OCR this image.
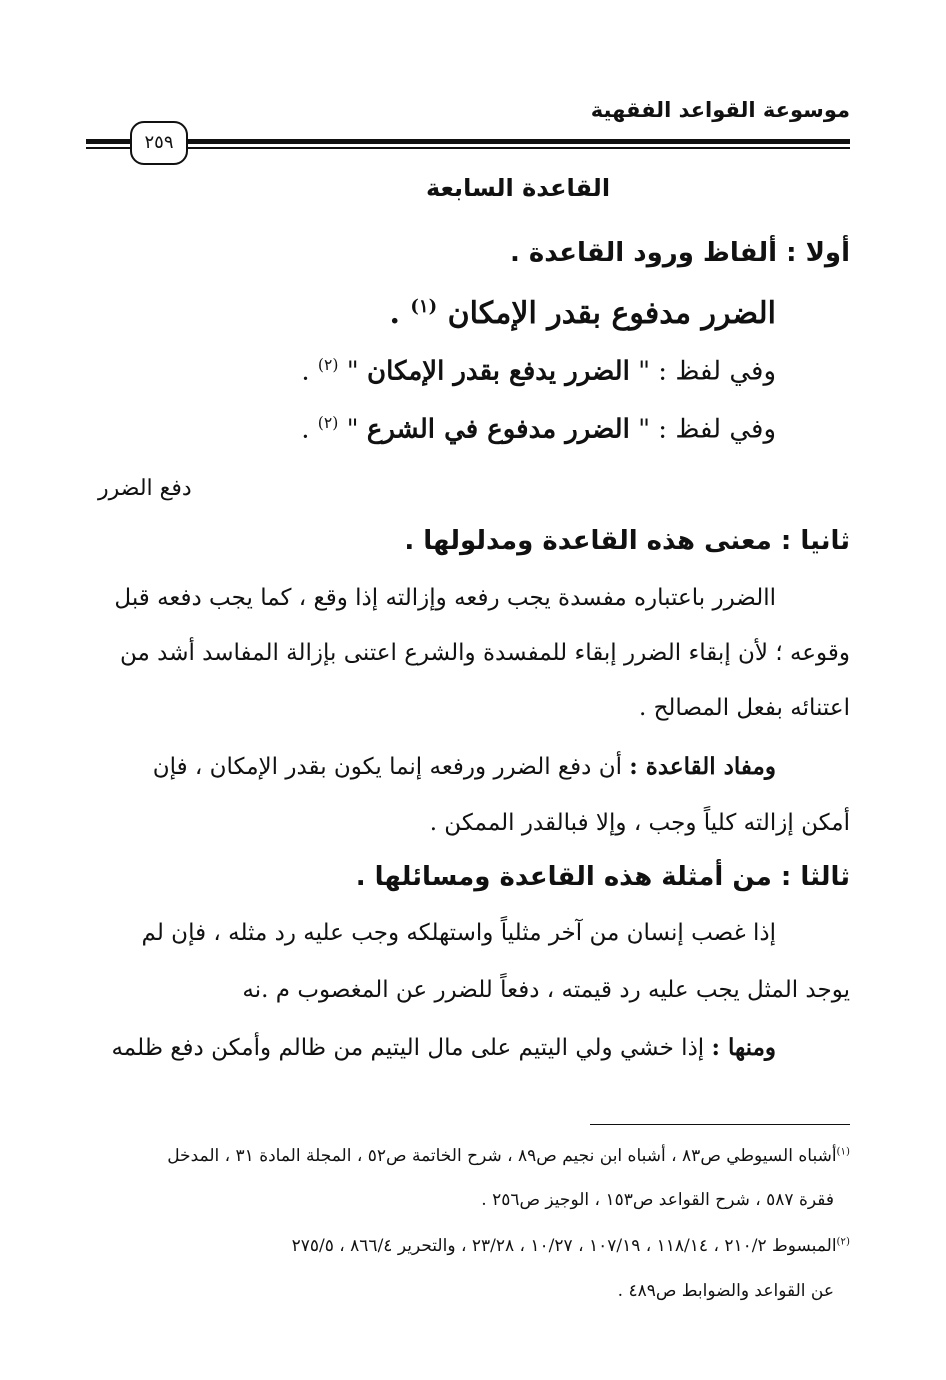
موسوعة القواعد الفقهية
٢٥٩
القاعدة السابعة
أولا : ألفاظ ورود القاعدة .
الضرر مدفوع بقدر الإمكان $^{(١)}$ .
وفي لفظ : " الضرر يدفع بقدر الإمكان " $^{(٢)}$ .
وفي لفظ : " الضرر مدفوع في الشرع " $^{(٢)}$ .
دفع الضرر
ثانيا : معنى هذه القاعدة ومدلولها .
االضرر باعتباره مفسدة يجب رفعه وإزالته إذا وقع ، كما يجب دفعه قبل
وقوعه ؛ لأن إبقاء الضرر إبقاء للمفسدة والشرع اعتنى بإزالة المفاسد أشد من
اعتنائه بفعل المصالح .
ومفاد القاعدة : أن دفع الضرر ورفعه إنما يكون بقدر الإمكان ، فإن
أمكن إزالته كلياً وجب ، وإلا فبالقدر الممكن .
ثالثا : من أمثلة هذه القاعدة ومسائلها .
إذا غصب إنسان من آخر مثلياً واستهلكه وجب عليه رد مثله ، فإن لم
يوجد المثل يجب عليه رد قيمته ، دفعاً للضرر عن المغصوب م .نه
ومنها : إذا خشي ولي اليتيم على مال اليتيم من ظالم وأمكن دفع ظلمه
$^{(١)}$أشباه السيوطي ص٨٣ ، أشباه ابن نجيم ص٨٩ ، شرح الخاتمة ص٥٢ ، المجلة المادة ٣١ ، المدخل
فقرة ٥٨٧ ، شرح القواعد ص١٥٣ ، الوجيز ص٢٥٦ .
$^{(٢)}$المبسوط ٢١٠/٢ ، ١١٨/١٤ ، ١٠٧/١٩ ، ١٠/٢٧ ، ٢٣/٢٨ ، والتحرير ٨٦٦/٤ ، ٢٧٥/٥
عن القواعد والضوابط ص٤٨٩ .
